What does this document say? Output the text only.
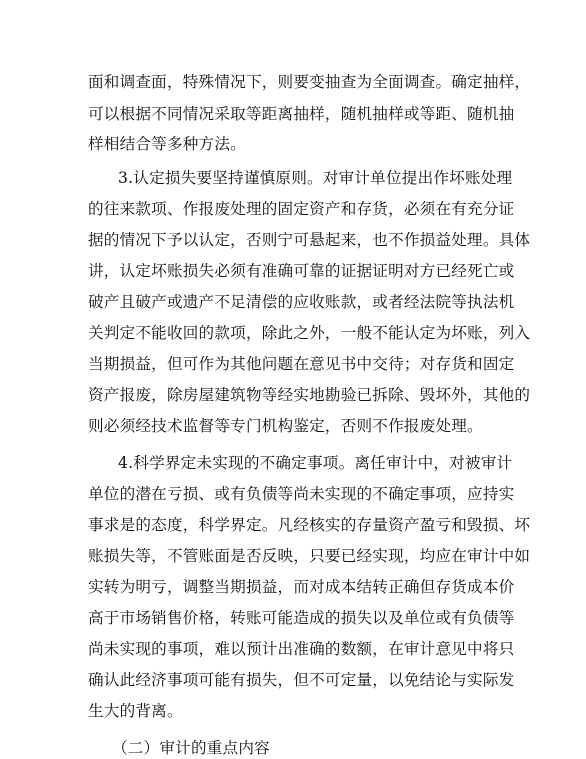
面和调查面，特殊情况下，则要变抽查为全面调查。确定抽样，
可以根据不同情况采取等距离抽样，随机抽样或等距、随机抽
样相结合等多种方法。
3.认定损失要坚持谨慎原则。对审计单位提出作坏账处理
的往来款项、作报废处理的固定资产和存货，必须在有充分证
据的情况下予以认定，否则宁可悬起来，也不作损益处理。具体
讲，认定坏账损失必须有准确可靠的证据证明对方已经死亡或
破产且破产或遗产不足清偿的应收账款，或者经法院等执法机
关判定不能收回的款项，除此之外，一般不能认定为坏账，列入
当期损益，但可作为其他问题在意见书中交待；对存货和固定
资产报废，除房屋建筑物等经实地勘验已拆除、毁坏外，其他的
则必须经技术监督等专门机构鉴定，否则不作报废处理。
4.科学界定未实现的不确定事项。离任审计中，对被审计
单位的潜在亏损、或有负债等尚未实现的不确定事项，应持实
事求是的态度，科学界定。凡经核实的存量资产盈亏和毁损、坏
账损失等，不管账面是否反映，只要已经实现，均应在审计中如
实转为明亏，调整当期损益，而对成本结转正确但存货成本价
高于市场销售价格，转账可能造成的损失以及单位或有负债等
尚未实现的事项，难以预计出准确的数额，在审计意见中将只
确认此经济事项可能有损失，但不可定量，以免结论与实际发
生大的背离。
（二）审计的重点内容
